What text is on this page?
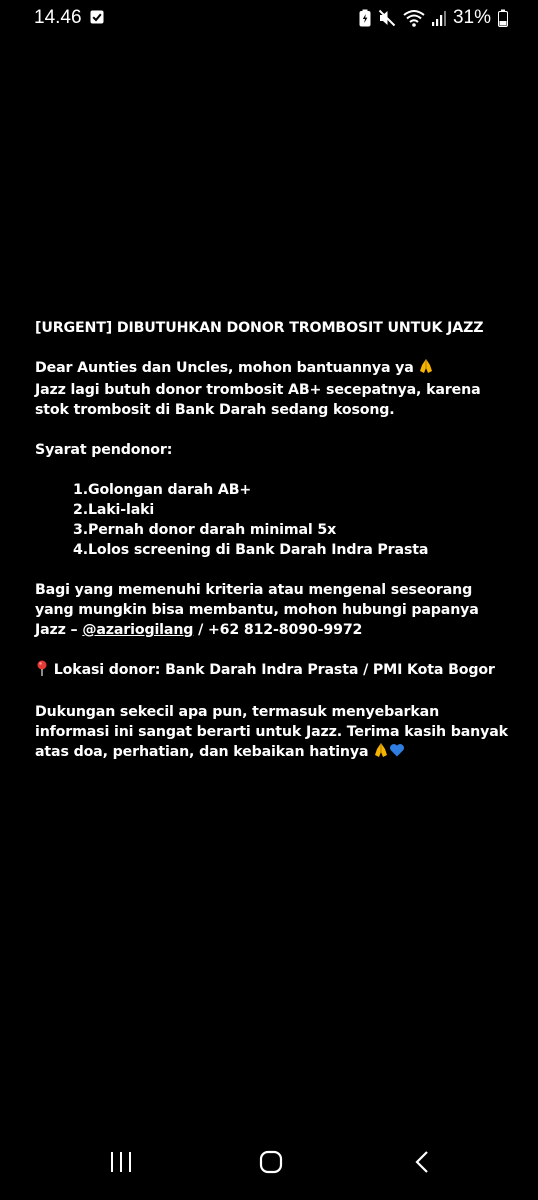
14.46	31%

[URGENT] DIBUTUHKAN DONOR TROMBOSIT UNTUK JAZZ

Dear Aunties dan Uncles, mohon bantuannya ya
Jazz lagi butuh donor trombosit AB+ secepatnya, karena stok trombosit di Bank Darah sedang kosong.

Syarat pendonor:

1.Golongan darah AB+
2.Laki-laki
3.Pernah donor darah minimal 5x
4.Lolos screening di Bank Darah Indra Prasta

Bagi yang memenuhi kriteria atau mengenal seseorang yang mungkin bisa membantu, mohon hubungi papanya Jazz – @azariogilang / +62 812-8090-9972

Lokasi donor: Bank Darah Indra Prasta / PMI Kota Bogor

Dukungan sekecil apa pun, termasuk menyebarkan informasi ini sangat berarti untuk Jazz. Terima kasih banyak atas doa, perhatian, dan kebaikan hatinya
